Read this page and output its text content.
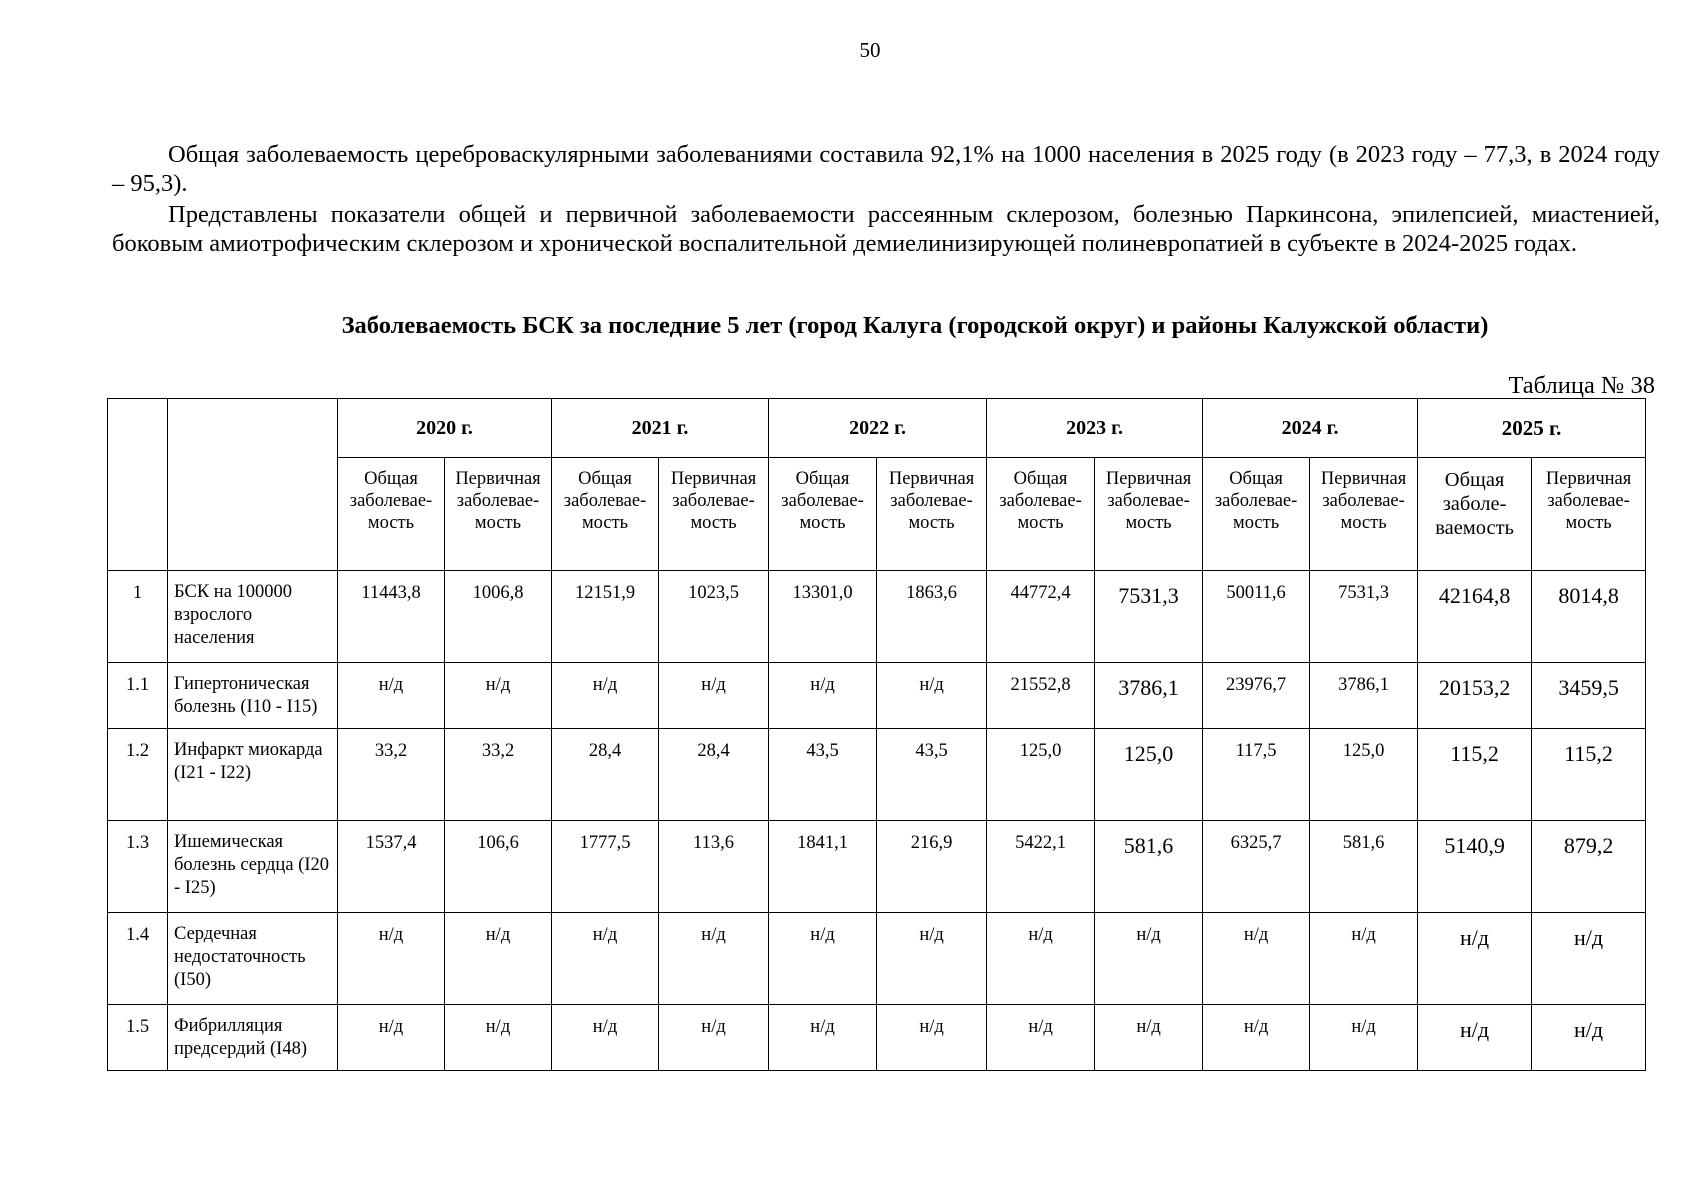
50

Общая заболеваемость цереброваскулярными заболеваниями составила 92,1% на 1000 населения в 2025 году (в 2023 году – 77,3, в 2024 году – 95,3).

Представлены показатели общей и первичной заболеваемости рассеянным склерозом, болезнью Паркинсона, эпилепсией, миастенией, боковым амиотрофическим склерозом и хронической воспалительной демиелинизирующей полиневропатией в субъекте в 2024-2025 годах.

Заболеваемость БСК за последние 5 лет (город Калуга (городской округ) и районы Калужской области)
Таблица № 38
		2020 г.		2021 г.		2022 г.		2023 г.		2024 г.		2025 г.	
		Общая заболевае-мость	Первичная заболевае-мость	Общая заболевае-мость	Первичная заболевае-мость	Общая заболевае-мость	Первичная заболевае-мость	Общая заболевае-мость	Первичная заболевае-мость	Общая заболевае-мость	Первичная заболевае-мость	Общая заболе-ваемость	Первичная заболевае-мость
1	БСК на 100000 взрослого населения	11443,8	1006,8	12151,9	1023,5	13301,0	1863,6	44772,4	7531,3	50011,6	7531,3	42164,8	8014,8
1.1	Гипертоническая болезнь (I10 - I15)	н/д	н/д	н/д	н/д	н/д	н/д	21552,8	3786,1	23976,7	3786,1	20153,2	3459,5
1.2	Инфаркт миокарда (I21 - I22)	33,2	33,2	28,4	28,4	43,5	43,5	125,0	125,0	117,5	125,0	115,2	115,2
1.3	Ишемическая болезнь сердца (I20 - I25)	1537,4	106,6	1777,5	113,6	1841,1	216,9	5422,1	581,6	6325,7	581,6	5140,9	879,2
1.4	Сердечная недостаточность (I50)	н/д	н/д	н/д	н/д	н/д	н/д	н/д	н/д	н/д	н/д	н/д	н/д
1.5	Фибрилляция предсердий (I48)	н/д	н/д	н/д	н/д	н/д	н/д	н/д	н/д	н/д	н/д	н/д	н/д
